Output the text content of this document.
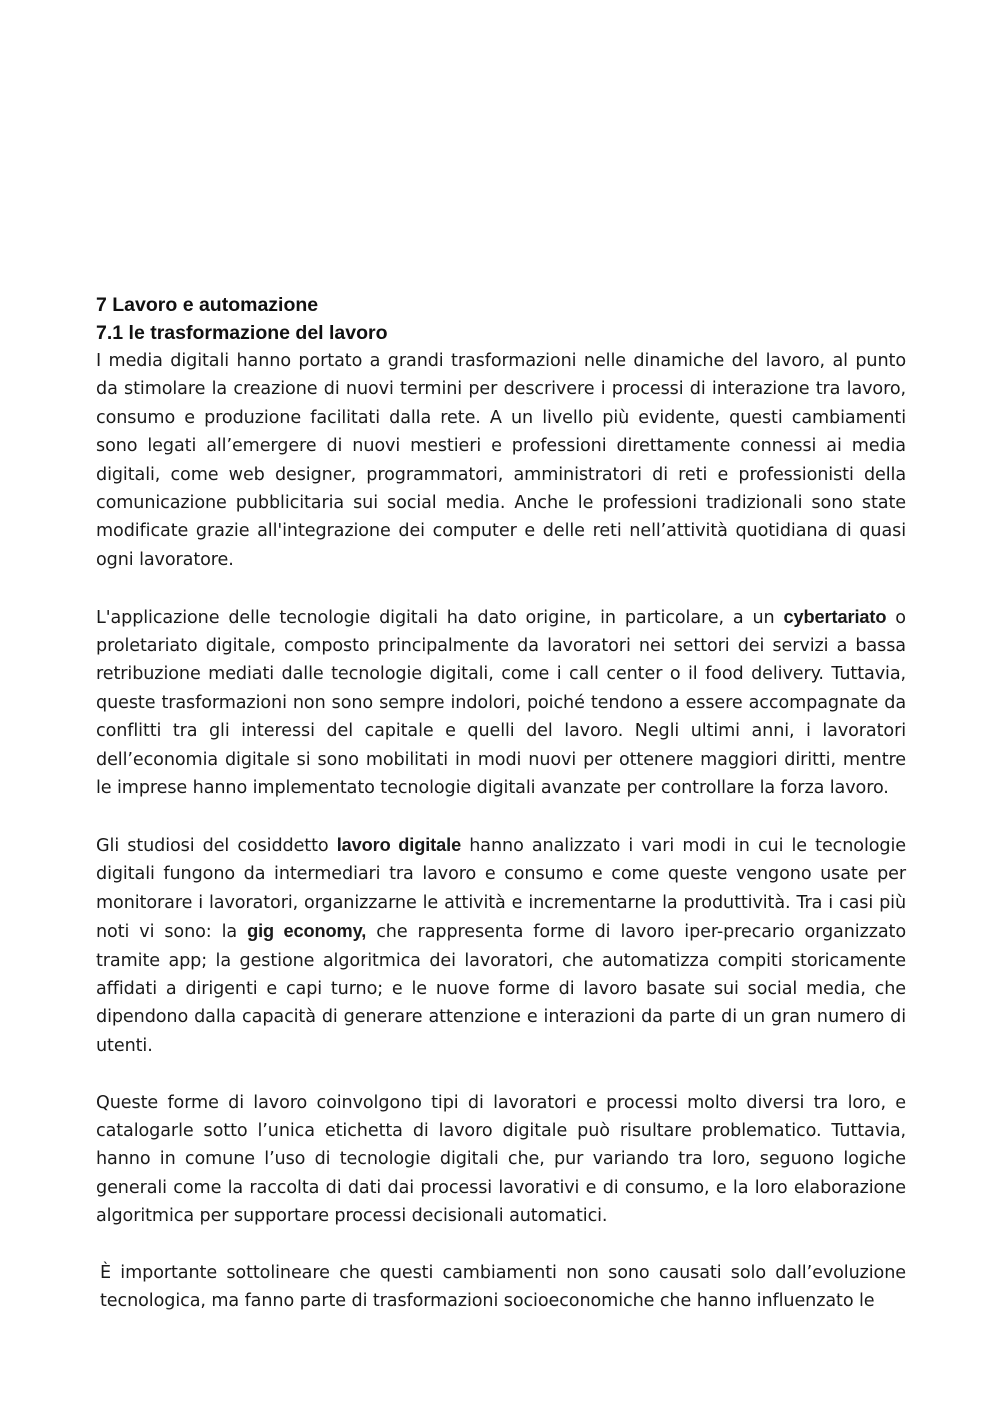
7 Lavoro e automazione
7.1 le trasformazione del lavoro

I media digitali hanno portato a grandi trasformazioni nelle dinamiche del lavoro, al punto da stimolare la creazione di nuovi termini per descrivere i processi di interazione tra lavoro, consumo e produzione facilitati dalla rete. A un livello più evidente, questi cambiamenti sono legati all’emergere di nuovi mestieri e professioni direttamente connessi ai media digitali, come web designer, programmatori, amministratori di reti e professionisti della comunicazione pubblicitaria sui social media. Anche le professioni tradizionali sono state modificate grazie all'integrazione dei computer e delle reti nell’attività quotidiana di quasi ogni lavoratore.

L'applicazione delle tecnologie digitali ha dato origine, in particolare, a un cybertariato o proletariato digitale, composto principalmente da lavoratori nei settori dei servizi a bassa retribuzione mediati dalle tecnologie digitali, come i call center o il food delivery. Tuttavia, queste trasformazioni non sono sempre indolori, poiché tendono a essere accompagnate da conflitti tra gli interessi del capitale e quelli del lavoro. Negli ultimi anni, i lavoratori dell’economia digitale si sono mobilitati in modi nuovi per ottenere maggiori diritti, mentre le imprese hanno implementato tecnologie digitali avanzate per controllare la forza lavoro.

Gli studiosi del cosiddetto lavoro digitale hanno analizzato i vari modi in cui le tecnologie digitali fungono da intermediari tra lavoro e consumo e come queste vengono usate per monitorare i lavoratori, organizzarne le attività e incrementarne la produttività. Tra i casi più noti vi sono: la gig economy, che rappresenta forme di lavoro iper-precario organizzato tramite app; la gestione algoritmica dei lavoratori, che automatizza compiti storicamente affidati a dirigenti e capi turno; e le nuove forme di lavoro basate sui social media, che dipendono dalla capacità di generare attenzione e interazioni da parte di un gran numero di utenti.

Queste forme di lavoro coinvolgono tipi di lavoratori e processi molto diversi tra loro, e catalogarle sotto l’unica etichetta di lavoro digitale può risultare problematico. Tuttavia, hanno in comune l’uso di tecnologie digitali che, pur variando tra loro, seguono logiche generali come la raccolta di dati dai processi lavorativi e di consumo, e la loro elaborazione algoritmica per supportare processi decisionali automatici.

È importante sottolineare che questi cambiamenti non sono causati solo dall’evoluzione tecnologica, ma fanno parte di trasformazioni socioeconomiche che hanno influenzato le
